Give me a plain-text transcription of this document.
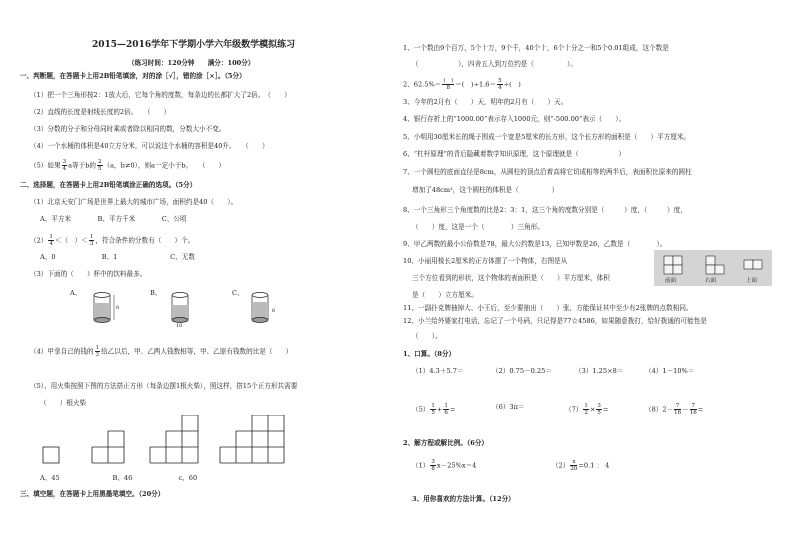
2015—2016学年下学期小学六年级数学模拟练习
（练习时间：120分钟　　满分：100分）
一、判断题，在答题卡上用2B铅笔填涂，对的涂［√］，错的涂［×］。（5分）
（1）把一个三角形按2：1放大后，它每个角的度数，每条边的长都扩大了2倍。　（　　）
（2）直线的长度是射线长度的2倍。　　（　　）
（3）分数的分子和分母同时乘或者除以相同的数，分数大小不变。
（4）一个水桶的体积是40立方分米，可以说这个水桶的容积是40升。　　（　　）
（5）如果 $\frac{3}{4}$ a等于b的 $\frac{2}{5} (a$，b≠0），则a一定小于b。　　（　　）
二、选择题，在答题卡上用2B铅笔填涂正确的选项。（5分）
（1）北京天安门广场是世界上最大的城市广场，面积约是40（　　）。
A、平方米　　　　B、平方千米　　　　C、公顷
$(2) \frac{1}{4}$ ＜（　）＜ $\frac{1}{3}$ ，符合条件的分数有（　　）个。
A、0　　　　　　　B、1　　　　　　　　C、无数
（3）下面的（　　）杯中的饮料最多。
A、	B、	C、
8
10
6
（4）甲拿自己的钱的 $\frac{1}{3}$ 给乙以后，甲、乙两人钱数相等，甲、乙原有钱数的比是（　　）
（5）、用火柴按照下图的方法搭正方形（每条边摆1根火柴），照这样，搭15个正方形共需要
（　　）根火柴
A、45　　　　　　　　B、46　　　　　　　c、60
三、填空题，在答题卡上用黑墨笔填空。（20分）
1、一个数由9个百万，5个十万，9个千，40个十，6个十分之一和5个0.01组成，这个数是
（　　　　　　），四舍五入到万位约是（　　　　　）。
2、$62.5\%= \frac{( )}{8}$ ＝(　)$\div 1.6= \frac{5}{4}$ ÷(　)
3、今年的2月有（　　）天，明年的2月有（　　）天。
4、银行存折上的“1000.00”表示存入1000元，则“-500.00”表示（　　）。
5、小明用30厘米长的绳子围成一个宽是5厘米的长方形，这个长方形的面积是（　　）平方厘米。
6、“杠杆原理”的背后隐藏着数学知识原理，这个原理就是（　　　　　　）
7、一个圆柱的底面直径是8cm，从圆柱的顶点沿着高将它切成相等的两半后，表面积比原来的圆柱
增加了48cm²，这个圆柱的体积是（　　　　　）
8、一个三角形三个角度数的比是2：3：1，这三个角的度数分别是（　　　）度，（　　　）度，
（　　）度，这是一个（　　　　）三角形。
9、甲乙两数的最小公倍数是78，最大公约数是13，已知甲数是26，乙数是（　　　　）。
10、小丽用棱长2厘米的正方体摆了一个物体，右图是从
三个方位看到的形状，这个物体的表面积是（　　）平方厘米，体积
是（　　）立方厘米。
前面	右面	上面
11、一副扑克牌抽掉大、小王后，至少要抽出（　　）张，方能保证其中至少有2张牌的点数相同。
12、小兰给外婆家打电话，忘记了一个号码，只记得是77☆4586，如果随意拨打，恰好拨通的可能性是
（　　）。
1、口算。（8分）
（1）4.3＋5.7＝	（2）0.75－0.25＝	（3）1.25×8＝	（4）1－10%＝
$(5) \frac{1}{5} + \frac{1}{6}$ =	（6）3π＝	$(7) \frac{1}{2} \times \frac{3}{5}$ =	$(8)2- \frac{7}{16} - \frac{7}{16}$ =
2、解方程或解比例。（6分）
$(1) \frac{3}{8} x-25\%x=4$	$(2) \frac{x}{20} =0.1$ ： 4
3、用你喜欢的方法计算。（12分）
